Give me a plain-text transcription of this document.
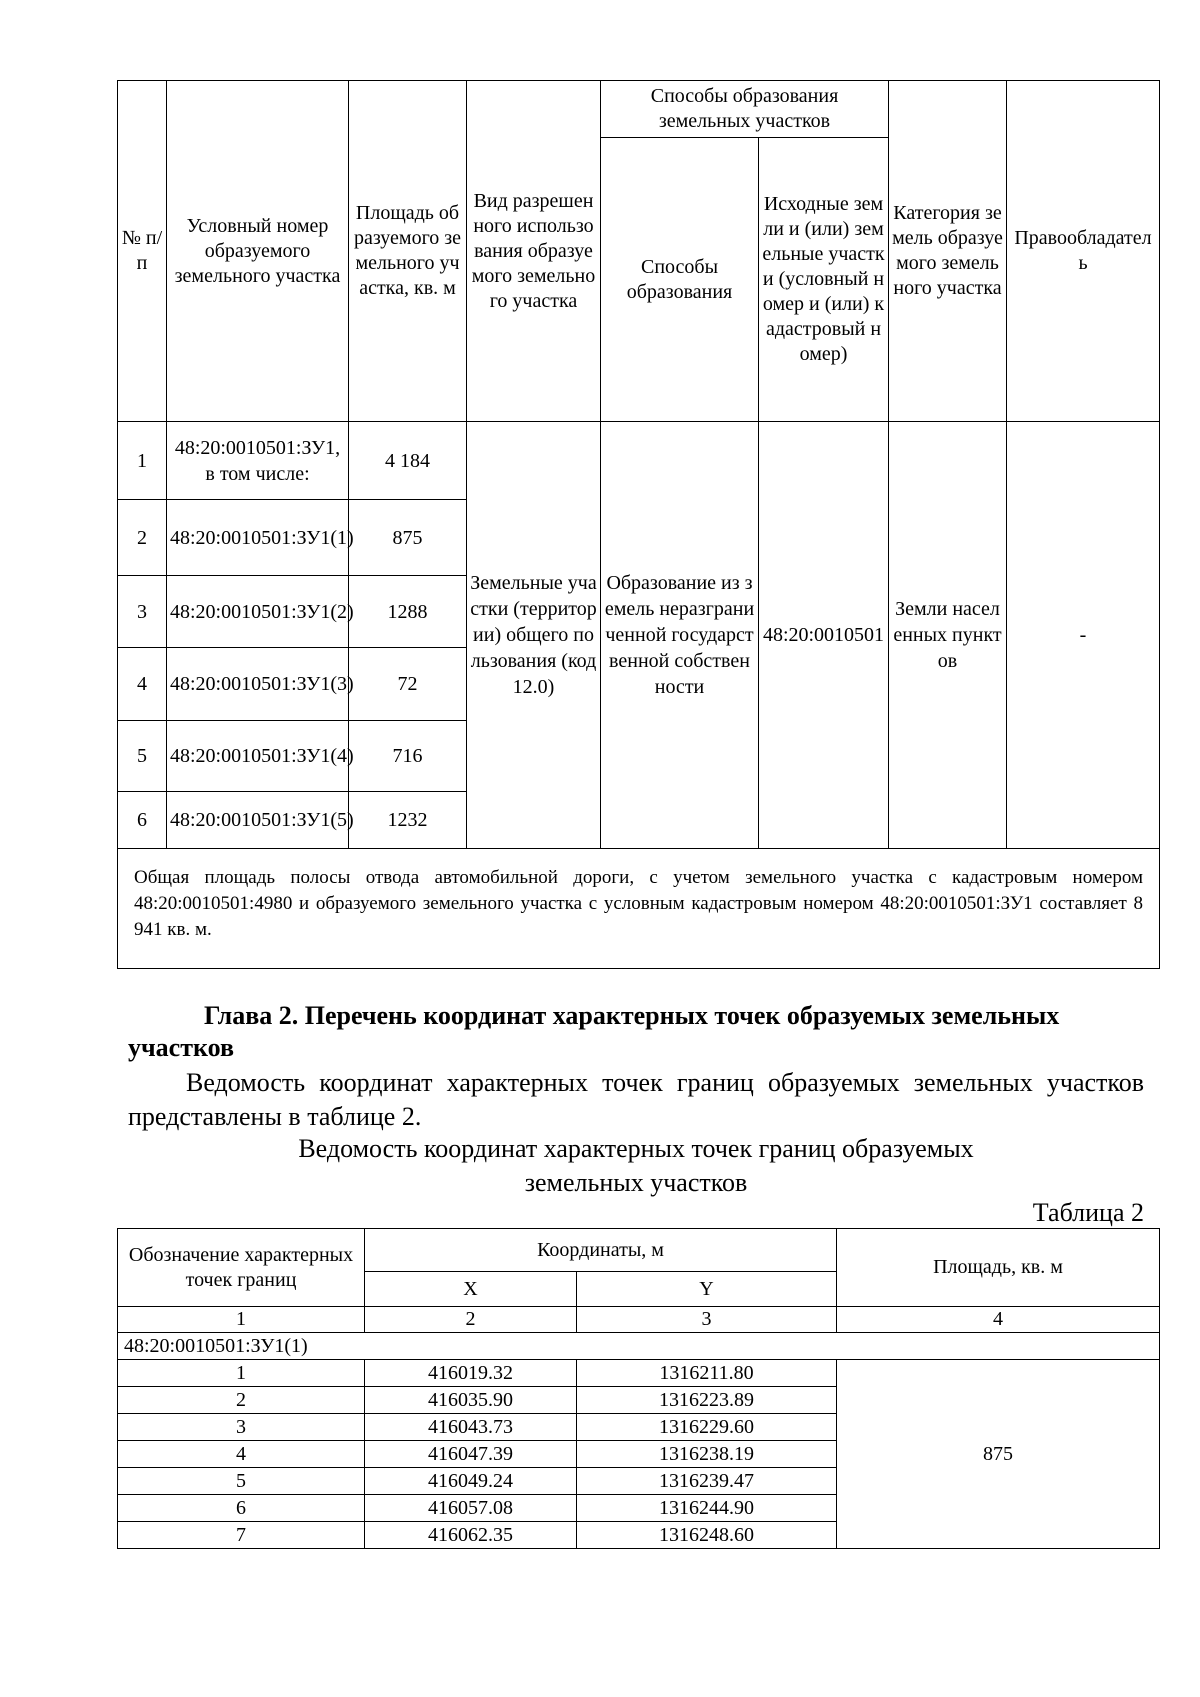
№ п/ п	Условный номер образуемого земельного участка	Площадь образуемого земельного участка, кв. м	Вид разрешенного использования образуемого земельного участка	Способы образования земельных участков		Категория земель образуемого земельного участка	Правообладатель
				Способы образования	Исходные земли и (или) земельные участки (условный номер и (или) кадастровый номер)		
1	48:20:0010501:ЗУ1, в том числе:	4 184	Земельные участки (территории) общего пользования (код 12.0)	Образование из земель неразграниченной государственной собственности	48:20:0010501	Земли населенных пунктов	-
2	48:20:0010501:ЗУ1(1)	875					
3	48:20:0010501:ЗУ1(2)	1288					
4	48:20:0010501:ЗУ1(3)	72					
5	48:20:0010501:ЗУ1(4)	716					
6	48:20:0010501:ЗУ1(5)	1232					
Общая площадь полосы отвода автомобильной дороги, с учетом земельного участка с кадастровым номером 48:20:0010501:4980 и образуемого земельного участка с условным кадастровым номером 48:20:0010501:ЗУ1 составляет 8 941 кв. м.							

Глава 2. Перечень координат характерных точек образуемых земельных участков

Ведомость координат характерных точек границ образуемых земельных участков представлены в таблице 2.

Ведомость координат характерных точек границ образуемых земельных участков

Таблица 2

Обозначение характерных точек границ	Координаты, м		Площадь, кв. м
	X	Y	
1	2	3	4
48:20:0010501:ЗУ1(1)			
1	416019.32	1316211.80	875
2	416035.90	1316223.89	
3	416043.73	1316229.60	
4	416047.39	1316238.19	
5	416049.24	1316239.47	
6	416057.08	1316244.90	
7	416062.35	1316248.60	
